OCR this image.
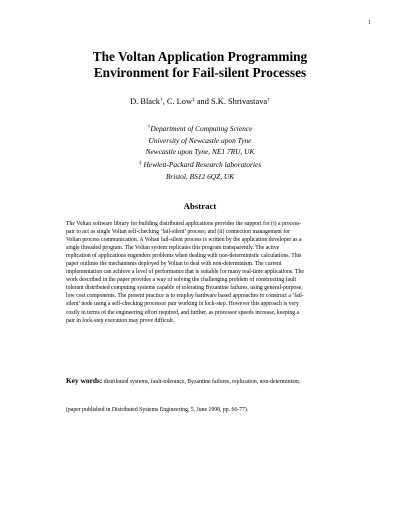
1
The Voltan Application Programming
Environment for Fail-silent Processes
D. Black†, C. Low‡ and S.K. Shrivastava†
†Department of Computing Science
University of Newcastle upon Tyne
Newcastle upon Tyne, NE1 7RU, UK
‡ Hewlett-Packard Research laboratories
Bristol, BS12 6QZ, UK
Abstract
The Voltan software library for building distributed applications provides the support for (i) a process-
pair to act as single Voltan self-checking ‘fail-silent’ process; and (ii) connection management for
Voltan process communication. A Voltan fail-silent process is written by the application developer as a
single threaded program. The Voltan system replicates this program transparently. The active
replication of applications engenders problems when dealing with non-deterministic calculations. This
paper outlines the mechanisms deployed by Voltan to deal with non-determinism. The current
implementation can achieve a level of performance that is suitable for many real-time applications. The
work described in the paper provides a way of solving the challenging problem of constructing fault
tolerant distributed computing systems capable of tolerating Byzantine failures, using general-purpose,
low cost components. The present practice is to employ hardware based approaches to construct a ‘fail-
silent’ node using a self-checking processor pair working in lock-step. However this approach is very
costly in terms of the engineering effort required, and further, as processor speeds increase, keeping a
pair in lock-step execution may prove difficult.
Key words: distributed systems, fault-tolerance, Byzantine failures, replication, non-determinism.
(paper published in Distributed Systems Engineering, 5, June 1998, pp. 66-77).
